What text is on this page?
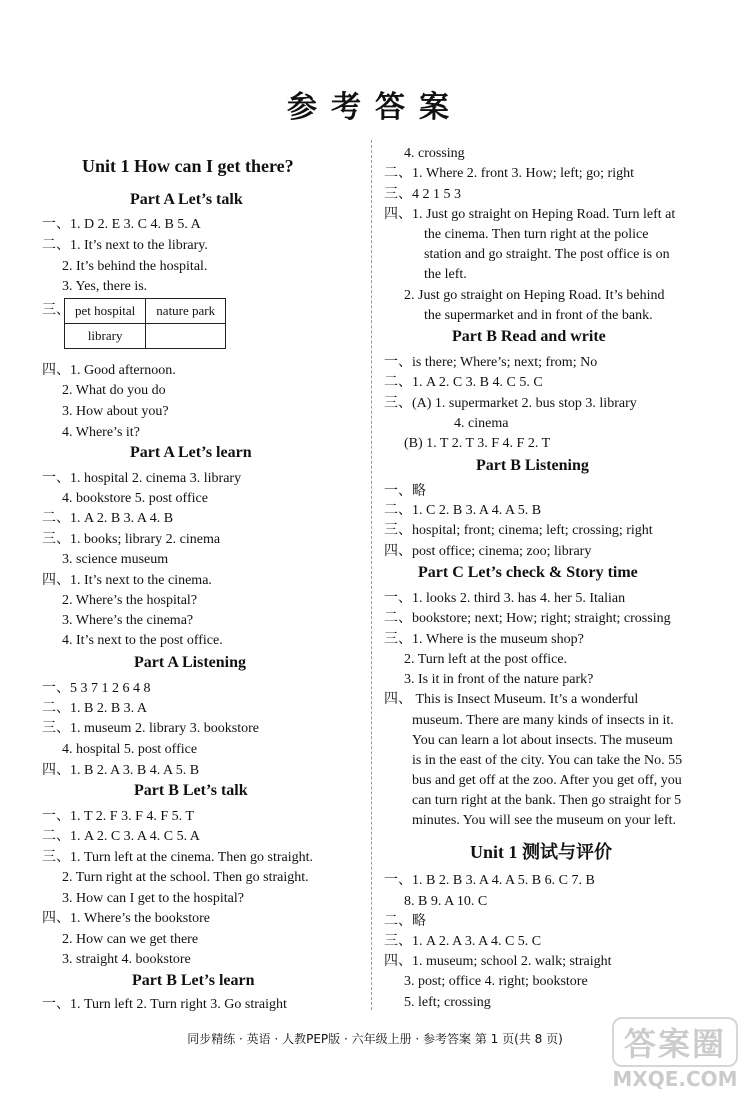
参考答案
pet hospital	nature park
library	
Unit 1 How can I get there?
Part A Let’s talk
一、1. D 2. E 3. C 4. B 5. A
二、1. It’s next to the library.
2. It’s behind the hospital.
3. Yes, there is.
三、
四、1. Good afternoon.
2. What do you do
3. How about you?
4. Where’s it?
Part A Let’s learn
一、1. hospital 2. cinema 3. library
4. bookstore 5. post office
二、1. A 2. B 3. A 4. B
三、1. books; library 2. cinema
3. science museum
四、1. It’s next to the cinema.
2. Where’s the hospital?
3. Where’s the cinema?
4. It’s next to the post office.
Part A Listening
一、5 3 7 1 2 6 4 8
二、1. B 2. B 3. A
三、1. museum 2. library 3. bookstore
4. hospital 5. post office
四、1. B 2. A 3. B 4. A 5. B
Part B Let’s talk
一、1. T 2. F 3. F 4. F 5. T
二、1. A 2. C 3. A 4. C 5. A
三、1. Turn left at the cinema. Then go straight.
2. Turn right at the school. Then go straight.
3. How can I get to the hospital?
四、1. Where’s the bookstore
2. How can we get there
3. straight 4. bookstore
Part B Let’s learn
一、1. Turn left 2. Turn right 3. Go straight
4. crossing
二、1. Where 2. front 3. How; left; go; right
三、4 2 1 5 3
四、1. Just go straight on Heping Road. Turn left at
the cinema. Then turn right at the police
station and go straight. The post office is on
the left.
2. Just go straight on Heping Road. It’s behind
the supermarket and in front of the bank.
Part B Read and write
一、is there; Where’s; next; from; No
二、1. A 2. C 3. B 4. C 5. C
三、(A) 1. supermarket 2. bus stop 3. library
4. cinema
(B) 1. T 2. T 3. F 4. F 2. T
Part B Listening
一、略
二、1. C 2. B 3. A 4. A 5. B
三、hospital; front; cinema; left; crossing; right
四、post office; cinema; zoo; library
Part C Let’s check & Story time
一、1. looks 2. third 3. has 4. her 5. Italian
二、bookstore; next; How; right; straight; crossing
三、1. Where is the museum shop?
2. Turn left at the post office.
3. Is it in front of the nature park?
四、 This is Insect Museum. It’s a wonderful
museum. There are many kinds of insects in it.
You can learn a lot about insects. The museum
is in the east of the city. You can take the No. 55
bus and get off at the zoo. After you get off, you
can turn right at the bank. Then go straight for 5
minutes. You will see the museum on your left.
Unit 1 测试与评价
一、1. B 2. B 3. A 4. A 5. B 6. C 7. B
8. B 9. A 10. C
二、略
三、1. A 2. A 3. A 4. C 5. C
四、1. museum; school 2. walk; straight
3. post; office 4. right; bookstore
5. left; crossing
同步精练 · 英语 · 人教PEP版 · 六年级上册 · 参考答案 第 1 页(共 8 页)	答案圈
MXQE.COM
